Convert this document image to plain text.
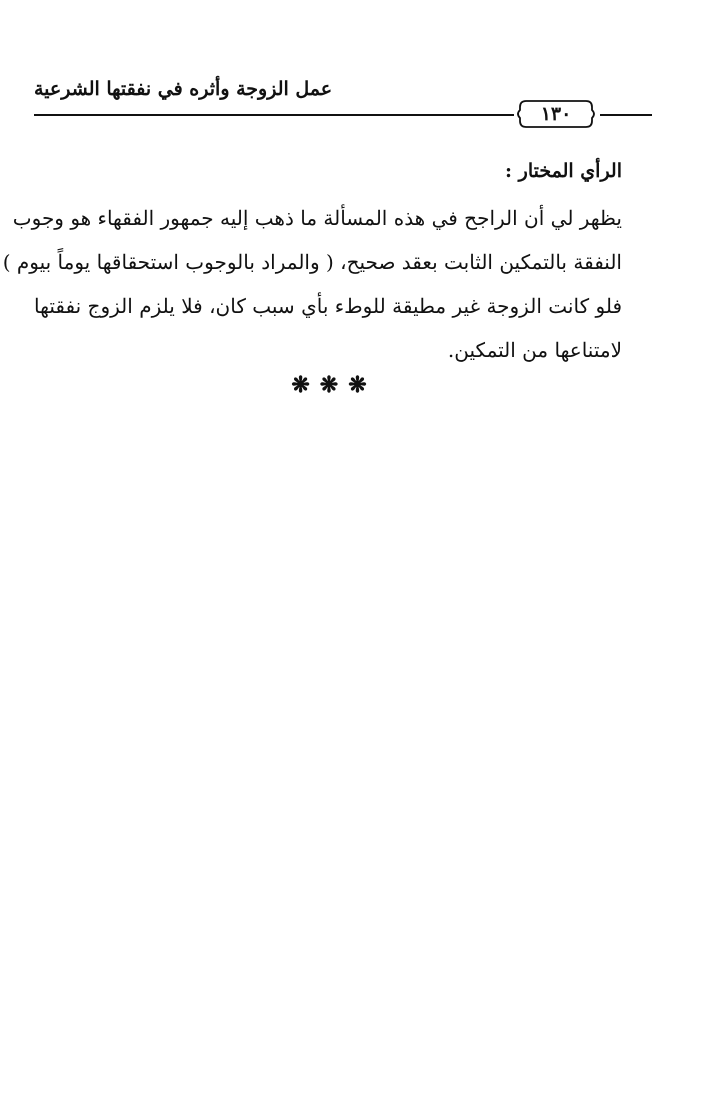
عمل الزوجة وأثره في نفقتها الشرعية
١٣٠
الرأي المختار :
يظهر لي أن الراجح في هذه المسألة ما ذهب إليه جمهور الفقهاء هو وجوب
النفقة بالتمكين الثابت بعقد صحيح، ( والمراد بالوجوب استحقاقها يوماً بيوم )
فلو كانت الزوجة غير مطيقة للوطء بأي سبب كان، فلا يلزم الزوج نفقتها
لامتناعها من التمكين.
❋❋❋
